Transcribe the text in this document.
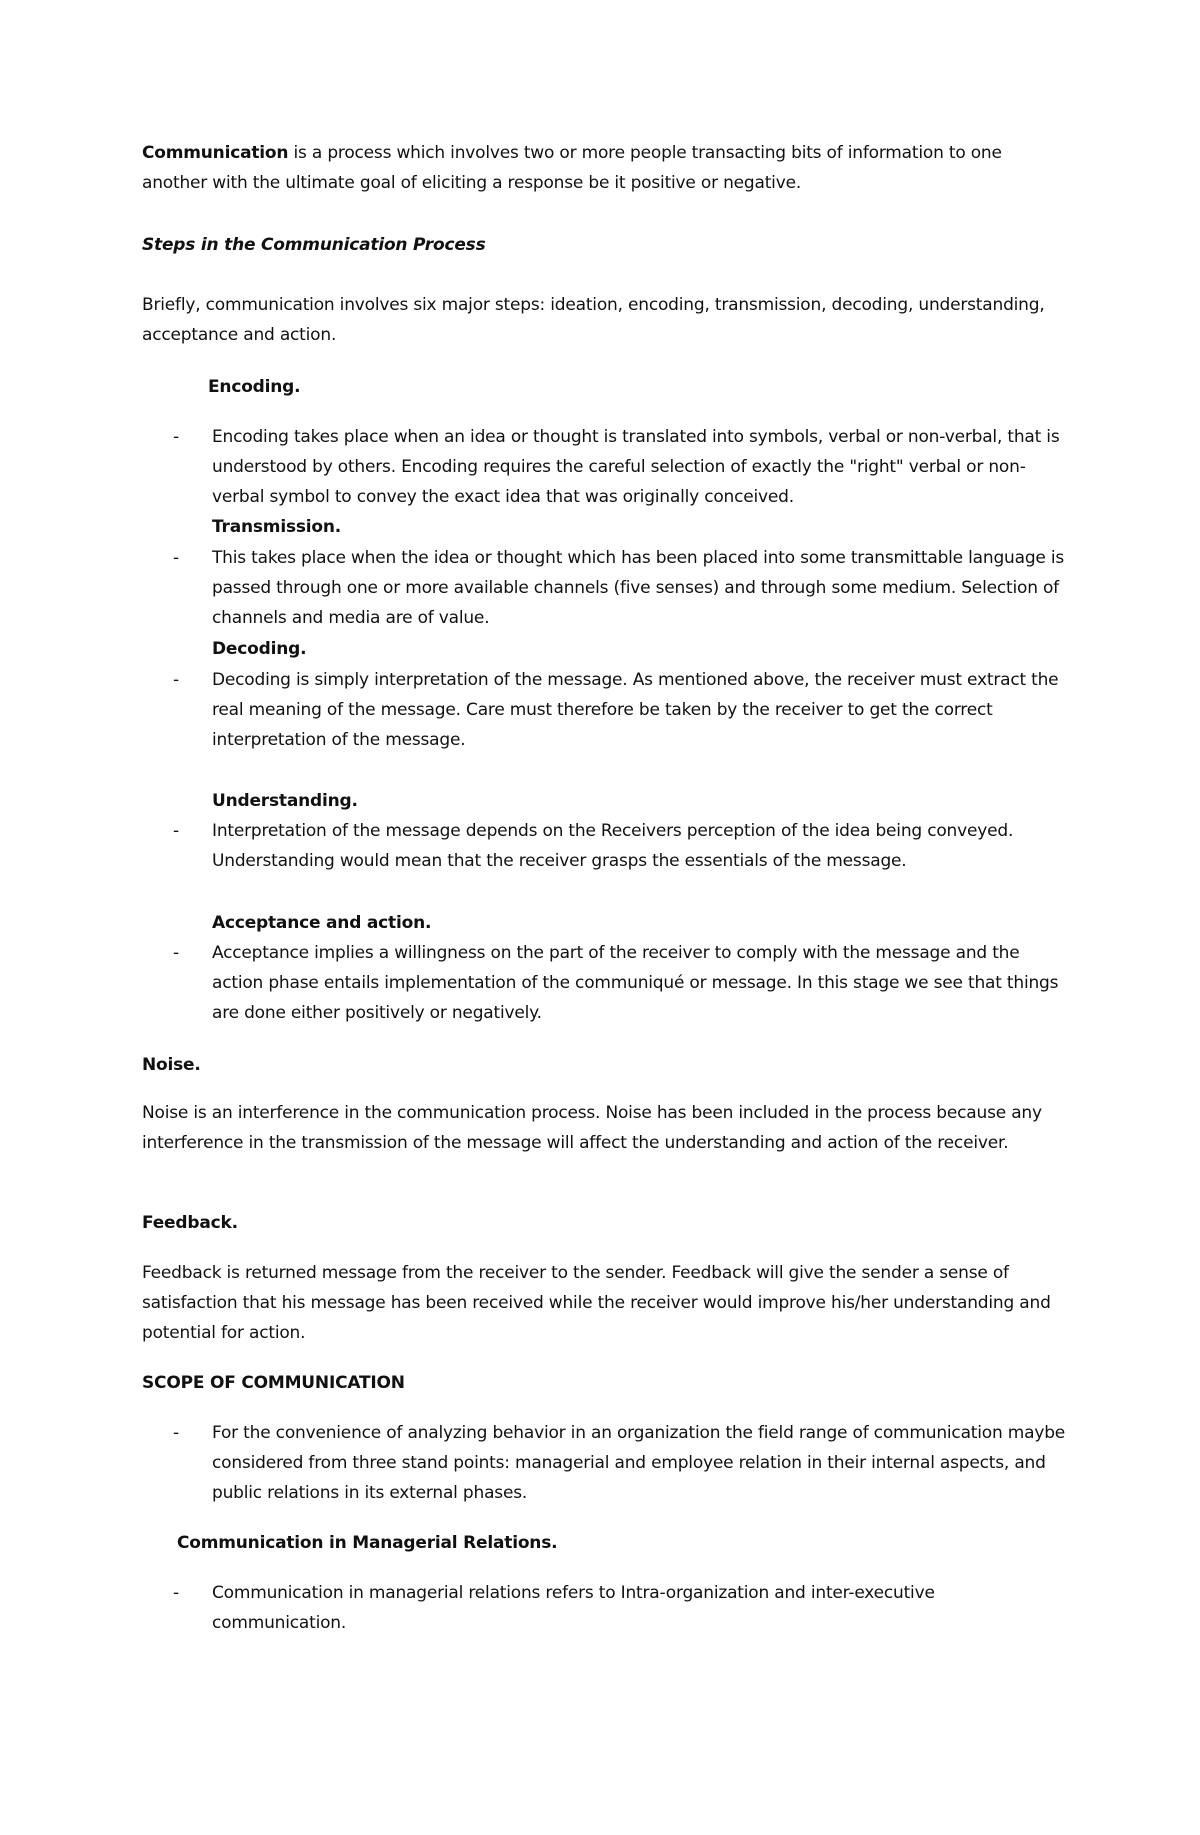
Communication is a process which involves two or more people transacting bits of information to one another with the ultimate goal of eliciting a response be it positive or negative.

Steps in the Communication Process

Briefly, communication involves six major steps: ideation, encoding, transmission, decoding, understanding, acceptance and action.

Encoding.

- Encoding takes place when an idea or thought is translated into symbols, verbal or non-verbal, that is understood by others. Encoding requires the careful selection of exactly the "right" verbal or non-verbal symbol to convey the exact idea that was originally conceived.

Transmission.

- This takes place when the idea or thought which has been placed into some transmittable language is passed through one or more available channels (five senses) and through some medium. Selection of channels and media are of value.

Decoding.

- Decoding is simply interpretation of the message. As mentioned above, the receiver must extract the real meaning of the message. Care must therefore be taken by the receiver to get the correct interpretation of the message.

Understanding.

- Interpretation of the message depends on the Receivers perception of the idea being conveyed. Understanding would mean that the receiver grasps the essentials of the message.

Acceptance and action.

- Acceptance implies a willingness on the part of the receiver to comply with the message and the action phase entails implementation of the communiqué or message. In this stage we see that things are done either positively or negatively.

Noise.

Noise is an interference in the communication process. Noise has been included in the process because any interference in the transmission of the message will affect the understanding and action of the receiver.

Feedback.

Feedback is returned message from the receiver to the sender. Feedback will give the sender a sense of satisfaction that his message has been received while the receiver would improve his/her understanding and potential for action.

SCOPE OF COMMUNICATION

- For the convenience of analyzing behavior in an organization the field range of communication maybe considered from three stand points: managerial and employee relation in their internal aspects, and public relations in its external phases.

Communication in Managerial Relations.

- Communication in managerial relations refers to Intra-organization and inter-executive communication.
